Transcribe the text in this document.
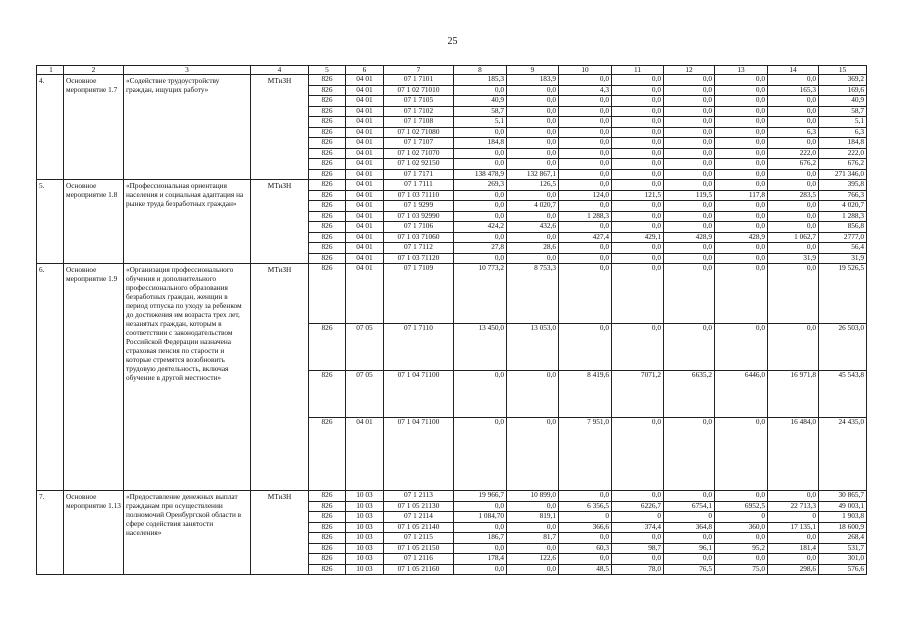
25
1	2	3	4	5	6	7	8	9	10	11	12	13	14	15
4.	Основное мероприятие 1.7	«Содействие трудоустройству граждан, ищущих работу»	МТиЗН	826	04 01	07 1 7101	185,3	183,9	0,0	0,0	0,0	0,0	0,0	369,2
				826	04 01	07 1 02 71010	0,0	0,0	4,3	0,0	0,0	0,0	165,3	169,6
				826	04 01	07 1 7105	40,9	0,0	0,0	0,0	0,0	0,0	0,0	40,9
				826	04 01	07 1 7102	58,7	0,0	0,0	0,0	0,0	0,0	0,0	58,7
				826	04 01	07 1 7108	5,1	0,0	0,0	0,0	0,0	0,0	0,0	5,1
				826	04 01	07 1 02 71080	0,0	0,0	0,0	0,0	0,0	0,0	6,3	6,3
				826	04 01	07 1 7107	184,8	0,0	0,0	0,0	0,0	0,0	0,0	184,8
				826	04 01	07 1 02 71070	0,0	0,0	0,0	0,0	0,0	0,0	222,0	222,0
				826	04 01	07 1 02 92150	0,0	0,0	0,0	0,0	0,0	0,0	676,2	676,2
				826	04 01	07 1 7171	138 478,9	132 867,1	0,0	0,0	0,0	0,0	0,0	271 346,0
5.	Основное мероприятие 1.8	«Профессиональная ориентация населения и социальная адаптация на рынке труда безработных граждан»	МТиЗН	826	04 01	07 1 7111	269,3	126,5	0,0	0,0	0,0	0,0	0,0	395,8
				826	04 01	07 1 03 71110	0,0	0,0	124,0	121,5	119,5	117,8	283,5	766,3
				826	04 01	07 1 9299	0,0	4 020,7	0,0	0,0	0,0	0,0	0,0	4 020,7
				826	04 01	07 1 03 92990	0,0	0,0	1 288,3	0,0	0,0	0,0	0,0	1 288,3
				826	04 01	07 1 7106	424,2	432,6	0,0	0,0	0,0	0,0	0,0	856,8
				826	04 01	07 1 03 71060	0,0	0,0	427,4	429,1	428,9	428,9	1 062,7	2777,0
				826	04 01	07 1 7112	27,8	28,6	0,0	0,0	0,0	0,0	0,0	56,4
				826	04 01	07 1 03 71120	0,0	0,0	0,0	0,0	0,0	0,0	31,9	31,9
6.	Основное мероприятие 1.9	«Организация профессионального обучения и дополнительного профессионального образования безработных граждан, женщин в период отпуска по уходу за ребенком до достижения им возраста трех лет, незанятых граждан, которым в соответствии с законодательством Российской Федерации назначена страховая пенсия по старости и которые стремятся возобновить трудовую деятельность, включая обучение в другой местности»	МТиЗН	826	04 01	07 1 7109	10 773,2	8 753,3	0,0	0,0	0,0	0,0	0,0	19 526,5
				826	07 05	07 1 7110	13 450,0	13 053,0	0,0	0,0	0,0	0,0	0,0	26 503,0
				826	07 05	07 1 04 71100	0,0	0,0	8 419,6	7071,2	6635,2	6446,0	16 971,8	45 543,8
				826	04 01	07 1 04 71100	0,0	0,0	7 951,0	0,0	0,0	0,0	16 484,0	24 435,0
7.	Основное мероприятие 1.13	«Предоставление денежных выплат гражданам при осуществлении полномочий Оренбургской области в сфере содействия занятости населения»	МТиЗН	826	10 03	07 1 2113	19 966,7	10 899,0	0,0	0,0	0,0	0,0	0,0	30 865,7
				826	10 03	07 1 05 21130	0,0	0,0	6 356,5	6226,7	6754,1	6952,5	22 713,3	49 003,1
				826	10 03	07 1 2114	1 084,70	819,1	0	0	0	0	0	1 903,8
				826	10 03	07 1 05 21140	0,0	0,0	366,6	374,4	364,8	360,0	17 135,1	18 600,9
				826	10 03	07 1 2115	186,7	81,7	0,0	0,0	0,0	0,0	0,0	268,4
				826	10 03	07 1 05 21150	0,0	0,0	60,3	98,7	96,1	95,2	181,4	531,7
				826	10 03	07 1 2116	178,4	122,6	0,0	0,0	0,0	0,0	0,0	301,0
				826	10 03	07 1 05 21160	0,0	0,0	48,5	78,0	76,5	75,0	298,6	576,6
